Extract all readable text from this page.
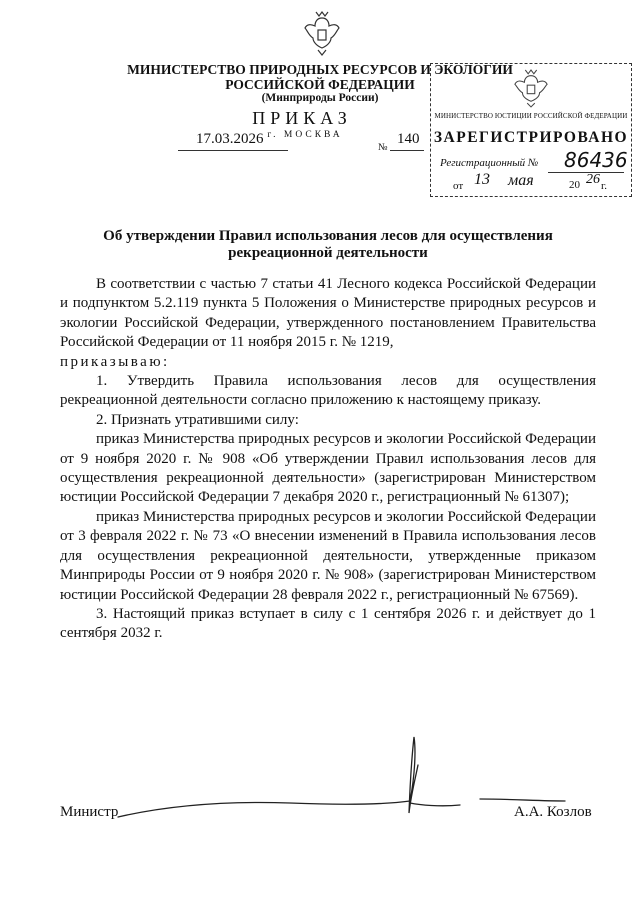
МИНИСТЕРСТВО ПРИРОДНЫХ РЕСУРСОВ И ЭКОЛОГИИ
РОССИЙСКОЙ ФЕДЕРАЦИИ
(Минприроды России)
ПРИКАЗ
г. МОСКВА
17.03.2026
№
140
МИНИСТЕРСТВО ЮСТИЦИИ РОССИЙСКОЙ ФЕДЕРАЦИИ
ЗАРЕГИСТРИРОВАНО
Регистрационный № 86436
от 13 мая	20 26 г.
Об утверждении Правил использования лесов для осуществления
рекреационной деятельности

В соответствии с частью 7 статьи 41 Лесного кодекса Российской Федерации и подпунктом 5.2.119 пункта 5 Положения о Министерстве природных ресурсов и экологии Российской Федерации, утвержденного постановлением Правительства Российской Федерации от 11 ноября 2015 г. № 1219,
приказываю:

1. Утвердить Правила использования лесов для осуществления рекреационной деятельности согласно приложению к настоящему приказу.

2. Признать утратившими силу:

приказ Министерства природных ресурсов и экологии Российской Федерации от 9 ноября 2020 г. № 908 «Об утверждении Правил использования лесов для осуществления рекреационной деятельности» (зарегистрирован Министерством юстиции Российской Федерации 7 декабря 2020 г., регистрационный № 61307);

приказ Министерства природных ресурсов и экологии Российской Федерации от 3 февраля 2022 г. № 73 «О внесении изменений в Правила использования лесов для осуществления рекреационной деятельности, утвержденные приказом Минприроды России от 9 ноября 2020 г. № 908» (зарегистрирован Министерством юстиции Российской Федерации 28 февраля 2022 г., регистрационный № 67569).

3. Настоящий приказ вступает в силу с 1 сентября 2026 г. и действует до 1 сентября 2032 г.

Министр	А.А. Козлов
